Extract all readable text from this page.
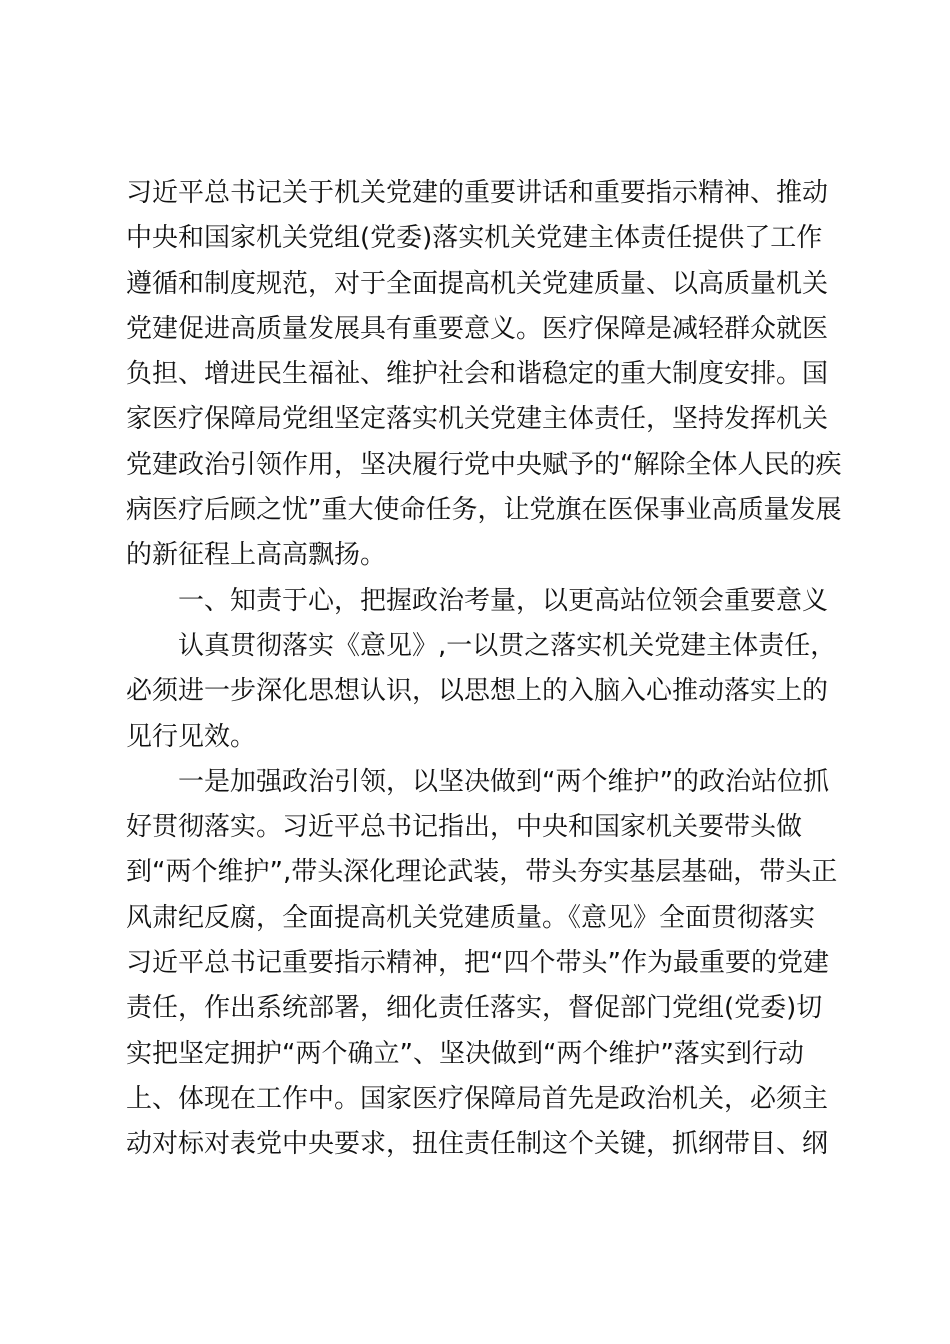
习近平总书记关于机关党建的重要讲话和重要指示精神、推动
中央和国家机关党组(党委)落实机关党建主体责任提供了工作
遵循和制度规范，对于全面提高机关党建质量、以高质量机关
党建促进高质量发展具有重要意义。医疗保障是减轻群众就医
负担、增进民生福祉、维护社会和谐稳定的重大制度安排。国
家医疗保障局党组坚定落实机关党建主体责任，坚持发挥机关
党建政治引领作用，坚决履行党中央赋予的“解除全体人民的疾
病医疗后顾之忧”重大使命任务，让党旗在医保事业高质量发展
的新征程上高高飘扬。
一、知责于心，把握政治考量，以更高站位领会重要意义
认真贯彻落实《意见》,一以贯之落实机关党建主体责任，
必须进一步深化思想认识，以思想上的入脑入心推动落实上的
见行见效。
一是加强政治引领，以坚决做到“两个维护”的政治站位抓
好贯彻落实。习近平总书记指出，中央和国家机关要带头做
到“两个维护”,带头深化理论武装，带头夯实基层基础，带头正
风肃纪反腐，全面提高机关党建质量。《意见》全面贯彻落实
习近平总书记重要指示精神，把“四个带头”作为最重要的党建
责任，作出系统部署，细化责任落实，督促部门党组(党委)切
实把坚定拥护“两个确立”、坚决做到“两个维护”落实到行动
上、体现在工作中。国家医疗保障局首先是政治机关，必须主
动对标对表党中央要求，扭住责任制这个关键，抓纲带目、纲
